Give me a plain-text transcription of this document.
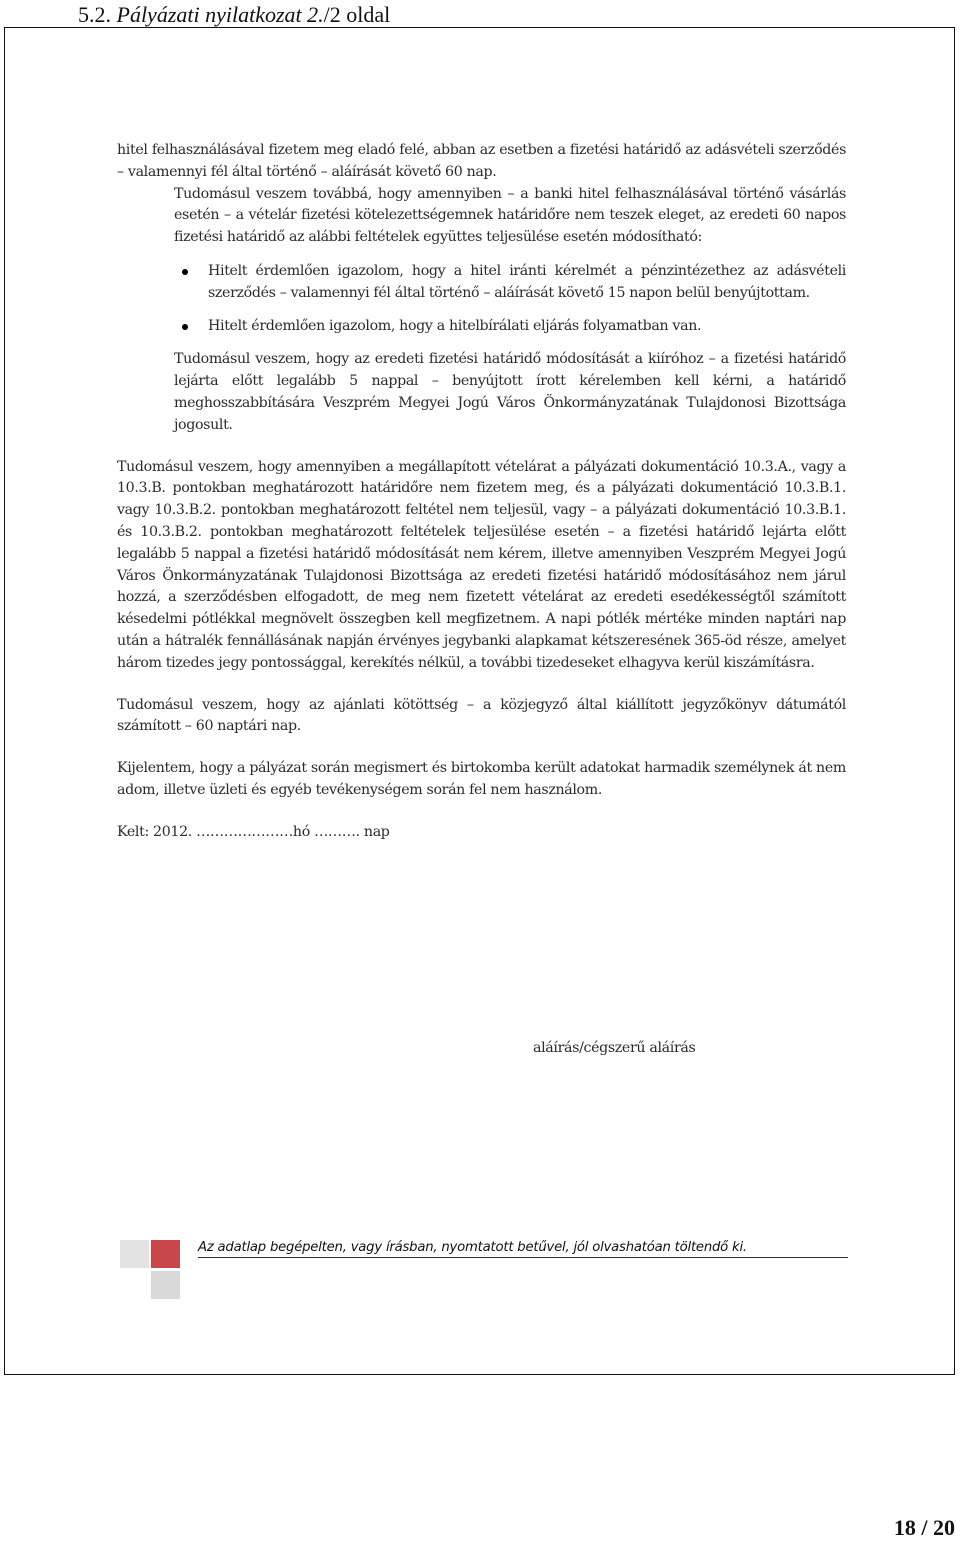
5.2. Pályázati nyilatkozat 2./2 oldal

hitel felhasználásával fizetem meg eladó felé, abban az esetben a fizetési határidő az adásvételi szerződés – valamennyi fél által történő – aláírását követő 60 nap.

Tudomásul veszem továbbá, hogy amennyiben – a banki hitel felhasználásával történő vásárlás esetén – a vételár fizetési kötelezettségemnek határidőre nem teszek eleget, az eredeti 60 napos fizetési határidő az alábbi feltételek együttes teljesülése esetén módosítható:

Hitelt érdemlően igazolom, hogy a hitel iránti kérelmét a pénzintézethez az adásvételi szerződés – valamennyi fél által történő – aláírását követő 15 napon belül benyújtottam.
Hitelt érdemlően igazolom, hogy a hitelbírálati eljárás folyamatban van.

Tudomásul veszem, hogy az eredeti fizetési határidő módosítását a kiíróhoz – a fizetési határidő lejárta előtt legalább 5 nappal – benyújtott írott kérelemben kell kérni, a határidő meghosszabbítására Veszprém Megyei Jogú Város Önkormányzatának Tulajdonosi Bizottsága jogosult.

Tudomásul veszem, hogy amennyiben a megállapított vételárat a pályázati dokumentáció 10.3.A., vagy a 10.3.B. pontokban meghatározott határidőre nem fizetem meg, és a pályázati dokumentáció 10.3.B.1. vagy 10.3.B.2. pontokban meghatározott feltétel nem teljesül, vagy – a pályázati dokumentáció 10.3.B.1. és 10.3.B.2. pontokban meghatározott feltételek teljesülése esetén – a fizetési határidő lejárta előtt legalább 5 nappal a fizetési határidő módosítását nem kérem, illetve amennyiben Veszprém Megyei Jogú Város Önkormányzatának Tulajdonosi Bizottsága az eredeti fizetési határidő módosításához nem járul hozzá, a szerződésben elfogadott, de meg nem fizetett vételárat az eredeti esedékességtől számított késedelmi pótlékkal megnövelt összegben kell megfizetnem. A napi pótlék mértéke minden naptári nap után a hátralék fennállásának napján érvényes jegybanki alapkamat kétszeresének 365-öd része, amelyet három tizedes jegy pontossággal, kerekítés nélkül, a további tizedeseket elhagyva kerül kiszámításra.

Tudomásul veszem, hogy az ajánlati kötöttség – a közjegyző által kiállított jegyzőkönyv dátumától számított – 60 naptári nap.

Kijelentem, hogy a pályázat során megismert és birtokomba került adatokat harmadik személynek át nem adom, illetve üzleti és egyéb tevékenységem során fel nem használom.

Kelt: 2012. …………………hó ………. nap

aláírás/cégszerű aláírás
Az adatlap begépelten, vagy írásban, nyomtatott betűvel, jól olvashatóan töltendő ki.
18 / 20
